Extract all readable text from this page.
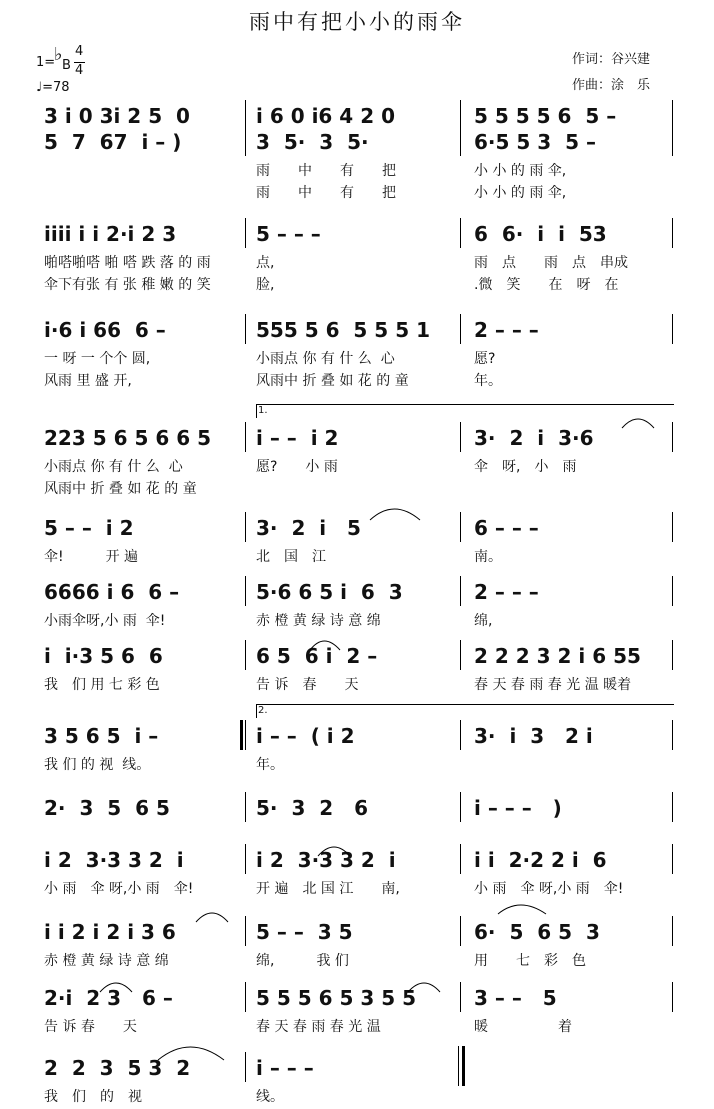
雨中有把小小的雨伞
作词：谷兴建
作曲：涂　乐
1=
♭
B
4
4
♩=78
3 i 0 3i 2 5  0	i 6 0 i6 4 2 0	5 5 5 5 6  5 –
5  7  67  i – )	3  5·  3  5·	6·5 5 3  5 –
雨　　中　　有　　把	小 小 的 雨 伞,
雨　　中　　有　　把	小 小 的 雨 伞,
iiii i i 2·i 2 3	5 – – –	6  6·  i  i  53
啪嗒啪嗒 啪 嗒 跌 落 的 雨	点,	雨　点　　雨　点　串成
伞下有张 有 张 稚 嫩 的 笑	脸,	.微　笑　　在　呀　在
i·6 i 66  6 –	555 5 6  5 5 5 1 2 – – –
一 呀 一 个个 圆,	小雨点 你 有 什 么  心	愿?
风雨 里 盛 开,	风雨中 折 叠 如 花 的 童	年。
223 5 6 5 6 6 5 i – –  i 2	3·  2  i  3·6
小雨点 你 有 什 么  心	愿?　　小 雨	伞　呀,　小　雨
风雨中 折 叠 如 花 的 童
5 – –  i 2	3·  2  i   5	6 – – –
伞!　　　开 遍	北　国　江	南。
6666 i 6  6 –	5·6 6 5 i  6  3	2 – – –
小雨伞呀,小 雨  伞!	赤 橙 黄 绿 诗 意 绵	绵,
i  i·3 5 6  6	6 5  6 i  2 –	2 2 2 3 2 i 6 55
我　们 用 七 彩 色	告 诉　春　　天	春 天 春 雨 春 光 温 暖着
3 5 6 5  i –	i – –  ( i 2	3·  i  3   2 i
我 们 的 视  线。	年。
2·  3  5  6 5	5·  3  2   6	i – – –   )
i 2  3·3 3 2  i	i 2  3·3 3 2  i	i i  2·2 2 i  6
小 雨　伞 呀,小 雨　伞!	开 遍　北 国 江　　南,	小 雨　伞 呀,小 雨　伞!
i i 2 i 2 i 3 6	5 – –  3 5	6·  5  6 5  3
赤 橙 黄 绿 诗 意 绵	绵,　　　我 们	用　　七　彩　色
2·i  2 3   6 –	5 5 5 6 5 3 5 5	3 – –   5
告 诉 春　　天	春 天 春 雨 春 光 温	暖　　　　　着
2  2  3  5 3  2	i – – –
我　们　的　视	线。
1.
2.
